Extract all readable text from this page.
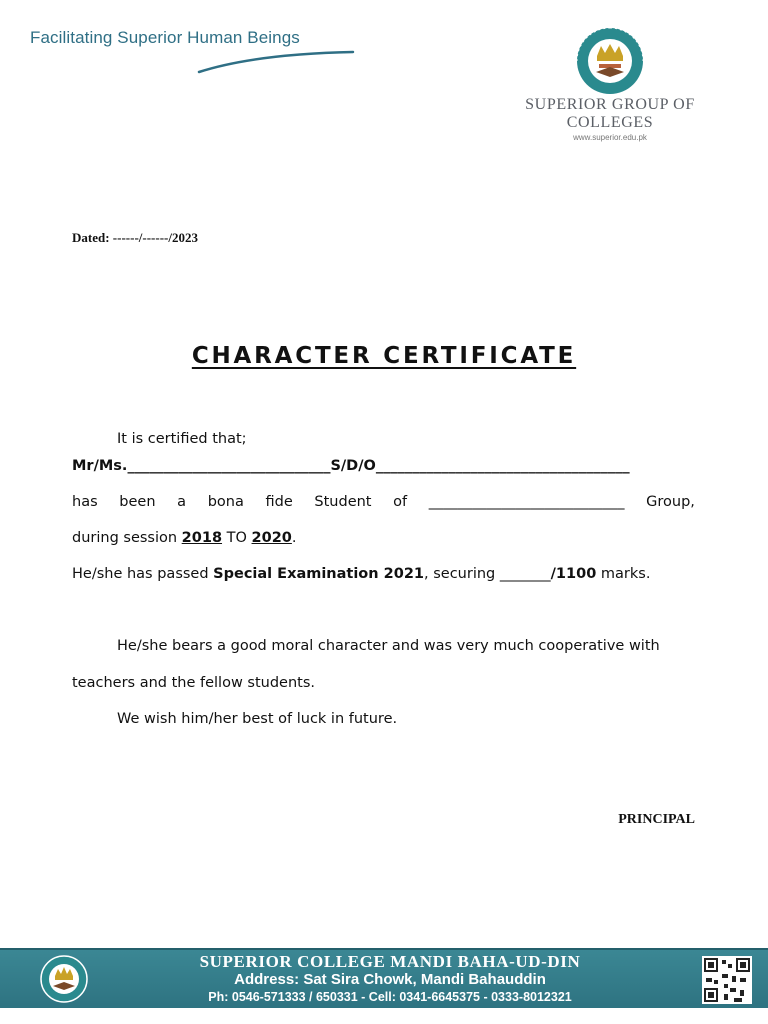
Facilitating Superior Human Beings
SUPERIOR GROUP OF
COLLEGES
www.superior.edu.pk
Dated: ------/------/2023
CHARACTER CERTIFICATE
It is certified that;
Mr/Ms.____________________________S/D/O___________________________________
has been a bona fide Student of ___________________________ Group,
during session 2018 TO 2020.
He/she has passed Special Examination 2021, securing _______/1100 marks.
He/she bears a good moral character and was very much cooperative with
teachers and the fellow students.
We wish him/her best of luck in future.
PRINCIPAL
SUPERIOR COLLEGE MANDI BAHA-UD-DIN
Address: Sat Sira Chowk, Mandi Bahauddin
Ph: 0546-571333 / 650331 - Cell: 0341-6645375 - 0333-8012321
